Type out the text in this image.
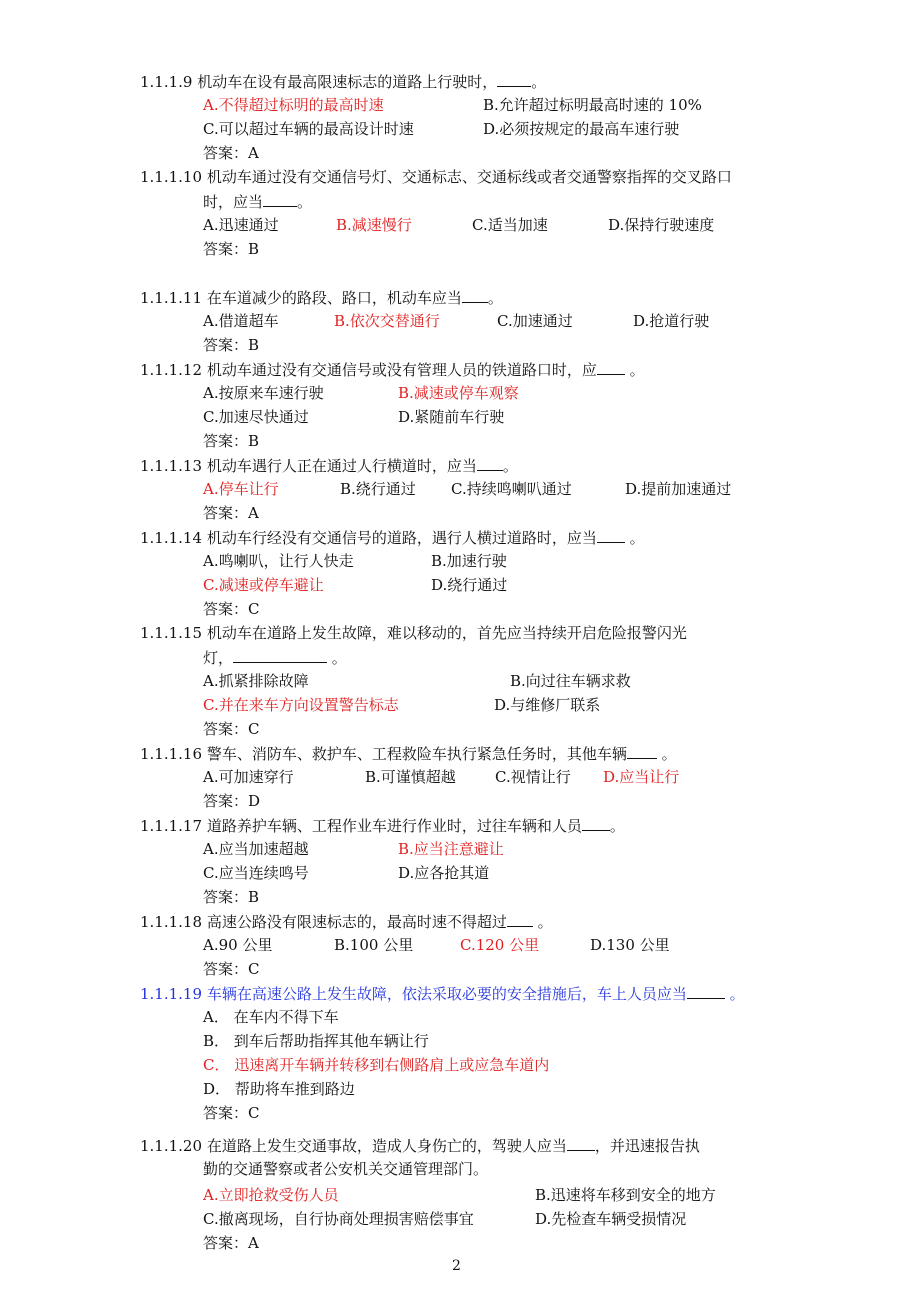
1.1.1.9 机动车在设有最高限速标志的道路上行驶时， 。
A.不得超过标明的最高时速	B.允许超过标明最高时速的 10%
C.可以超过车辆的最高设计时速	D.必须按规定的最高车速行驶
答案：A
1.1.1.10 机动车通过没有交通信号灯、交通标志、交通标线或者交通警察指挥的交叉路口
时，应当 。
A.迅速通过	B.减速慢行	C.适当加速	D.保持行驶速度
答案：B
1.1.1.11 在车道减少的路段、路口，机动车应当 。
A.借道超车	B.依次交替通行	C.加速通过	D.抢道行驶
答案：B
1.1.1.12 机动车通过没有交通信号或没有管理人员的铁道路口时，应 。
A.按原来车速行驶	B.减速或停车观察
C.加速尽快通过	D.紧随前车行驶
答案：B
1.1.1.13 机动车遇行人正在通过人行横道时，应当 。
A.停车让行	B.绕行通过 C.持续鸣喇叭通过	D.提前加速通过
答案：A
1.1.1.14 机动车行经没有交通信号的道路，遇行人横过道路时，应当 。
A.鸣喇叭，让行人快走	B.加速行驶
C.减速或停车避让	D.绕行通过
答案：C
1.1.1.15 机动车在道路上发生故障，难以移动的，首先应当持续开启危险报警闪光
灯，	。
A.抓紧排除故障	B.向过往车辆求救
C.并在来车方向设置警告标志	D.与维修厂联系
答案：C
1.1.1.16 警车、消防车、救护车、工程救险车执行紧急任务时，其他车辆 。
A.可加速穿行	B.可谨慎超越	C.视情让行 D.应当让行
答案：D
1.1.1.17 道路养护车辆、工程作业车进行作业时，过往车辆和人员 。
A.应当加速超越	B.应当注意避让
C.应当连续鸣号	D.应各抢其道
答案：B
1.1.1.18 高速公路没有限速标志的，最高时速不得超过 。
A.90 公里	B.100 公里	C.120 公里	D.130 公里
答案：C
1.1.1.19 车辆在高速公路上发生故障，依法采取必要的安全措施后，车上人员应当	。
A． 在车内不得下车
B． 到车后帮助指挥其他车辆让行
C． 迅速离开车辆并转移到右侧路肩上或应急车道内
D． 帮助将车推到路边
答案：C
1.1.1.20 在道路上发生交通事故，造成人身伤亡的，驾驶人应当 ，并迅速报告执
勤的交通警察或者公安机关交通管理部门。
A.立即抢救受伤人员	B.迅速将车移到安全的地方
C.撤离现场，自行协商处理损害赔偿事宜	D.先检查车辆受损情况
答案：A
2
